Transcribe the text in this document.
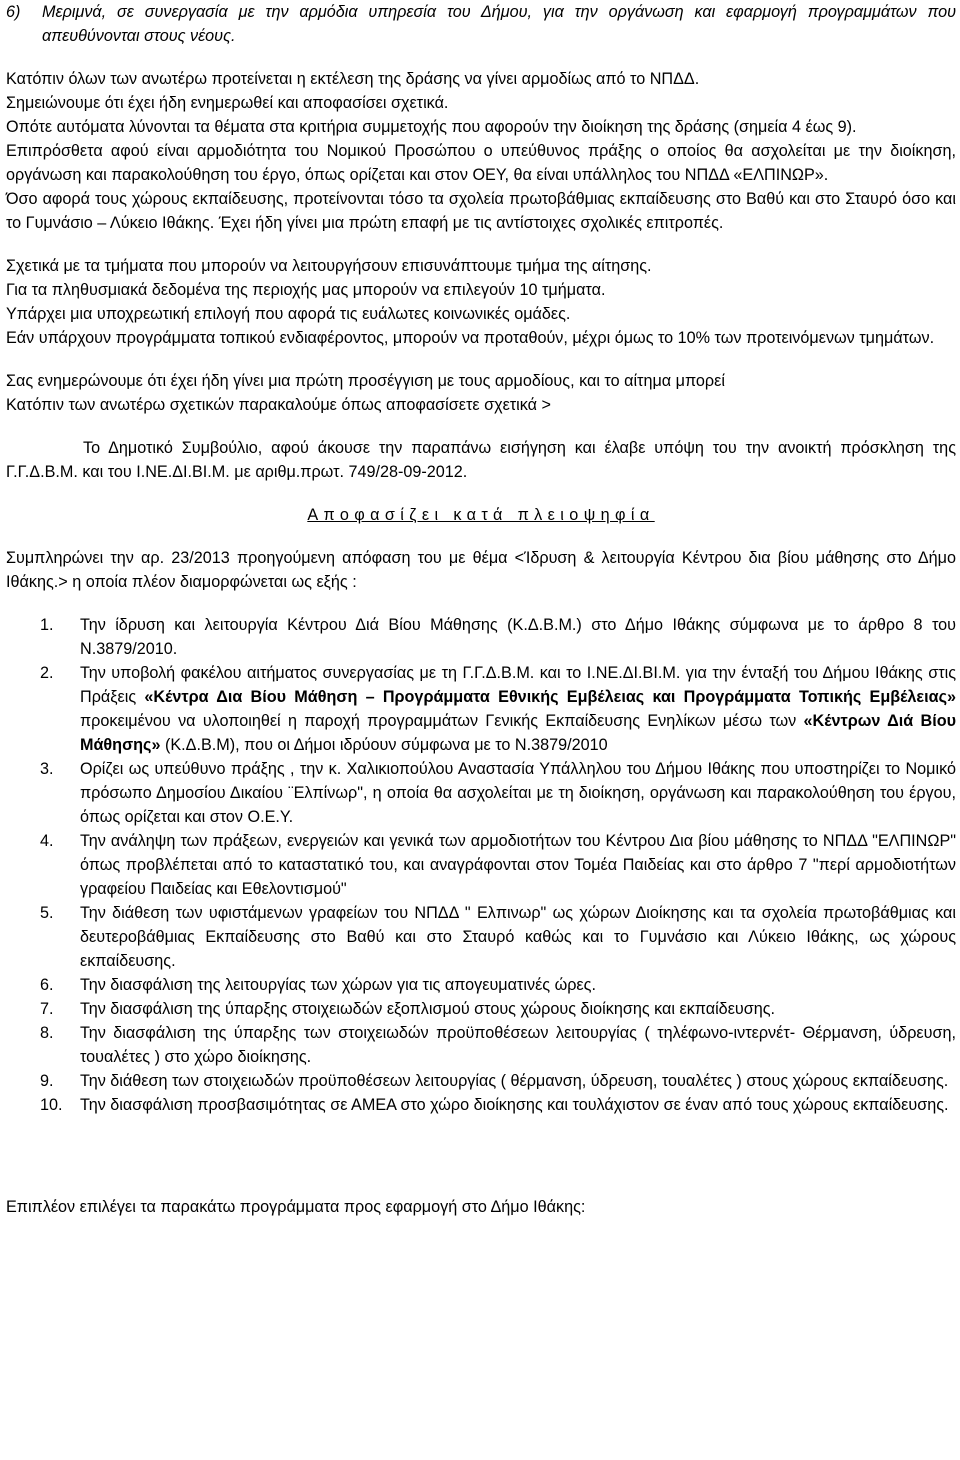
6)	Μεριμνά, σε συνεργασία με την αρμόδια υπηρεσία του Δήμου, για την οργάνωση και εφαρμογή προγραμμάτων που απευθύνονται στους νέους.

Κατόπιν όλων των ανωτέρω προτείνεται η εκτέλεση της δράσης να γίνει αρμοδίως από το ΝΠΔΔ.

Σημειώνουμε ότι έχει ήδη ενημερωθεί και αποφασίσει σχετικά.

Οπότε αυτόματα λύνονται τα θέματα στα κριτήρια συμμετοχής που αφορούν την διοίκηση της δράσης (σημεία 4 έως 9).

Επιπρόσθετα αφού είναι αρμοδιότητα του Νομικού Προσώπου ο υπεύθυνος πράξης ο οποίος θα ασχολείται με την διοίκηση, οργάνωση και παρακολούθηση του έργο, όπως ορίζεται και στον ΟΕΥ, θα είναι υπάλληλος του ΝΠΔΔ «ΕΛΠΙΝΩΡ».

Όσο αφορά τους χώρους εκπαίδευσης, προτείνονται τόσο τα σχολεία πρωτοβάθμιας εκπαίδευσης στο Βαθύ και στο Σταυρό όσο και το Γυμνάσιο – Λύκειο Ιθάκης. Έχει ήδη γίνει μια πρώτη επαφή με τις αντίστοιχες σχολικές επιτροπές.

Σχετικά με τα τμήματα που μπορούν να λειτουργήσουν επισυνάπτουμε τμήμα της αίτησης.

Για τα πληθυσμιακά δεδομένα της περιοχής μας μπορούν να επιλεγούν 10 τμήματα.

Υπάρχει μια υποχρεωτική επιλογή που αφορά τις ευάλωτες κοινωνικές ομάδες.

Εάν υπάρχουν προγράμματα τοπικού ενδιαφέροντος, μπορούν να προταθούν, μέχρι όμως το 10% των προτεινόμενων τμημάτων.

Σας ενημερώνουμε ότι έχει ήδη γίνει μια πρώτη προσέγγιση με τους αρμοδίους, και το αίτημα μπορεί

Κατόπιν των ανωτέρω σχετικών παρακαλούμε όπως αποφασίσετε σχετικά >

Το Δημοτικό Συμβούλιο, αφού άκουσε την παραπάνω εισήγηση και έλαβε υπόψη του την ανοικτή πρόσκληση της Γ.Γ.Δ.Β.Μ. και του Ι.ΝΕ.ΔΙ.ΒΙ.Μ. με αριθμ.πρωτ. 749/28-09-2012.

Αποφασίζει κατά πλειοψηφία

Συμπληρώνει την αρ. 23/2013 προηγούμενη απόφαση του με θέμα <Ίδρυση & λειτουργία Κέντρου δια βίου μάθησης στο Δήμο Ιθάκης.> η οποία πλέον διαμορφώνεται ως εξής :

1.	Την ίδρυση και λειτουργία Κέντρου Διά Βίου Μάθησης (Κ.Δ.Β.Μ.) στο Δήμο Ιθάκης σύμφωνα με το άρθρο 8 του Ν.3879/2010.
2.	Την υποβολή φακέλου αιτήματος συνεργασίας με τη Γ.Γ.Δ.Β.Μ. και το Ι.ΝΕ.ΔΙ.ΒΙ.Μ. για την ένταξή του Δήμου Ιθάκης στις Πράξεις «Κέντρα Δια Βίου Μάθηση – Προγράμματα Εθνικής Εμβέλειας και Προγράμματα Τοπικής Εμβέλειας» προκειμένου να υλοποιηθεί η παροχή προγραμμάτων Γενικής Εκπαίδευσης Ενηλίκων μέσω των «Κέντρων Διά Βίου Μάθησης» (Κ.Δ.Β.Μ), που οι Δήμοι ιδρύουν σύμφωνα με το Ν.3879/2010
3.	Ορίζει ως υπεύθυνο πράξης , την κ. Χαλικιοπούλου Αναστασία Υπάλληλου του Δήμου Ιθάκης που υποστηρίζει το Νομικό πρόσωπο Δημοσίου Δικαίου ¨Ελπίνωρ", η οποία θα ασχολείται με τη διοίκηση, οργάνωση και παρακολούθηση του έργου, όπως ορίζεται και στον Ο.Ε.Υ.
4.	Την ανάληψη των πράξεων, ενεργειών και γενικά των αρμοδιοτήτων του Κέντρου Δια βίου μάθησης το ΝΠΔΔ "ΕΛΠΙΝΩΡ" όπως προβλέπεται από το καταστατικό του, και αναγράφονται στον Τομέα Παιδείας και στο άρθρο 7 "περί αρμοδιοτήτων γραφείου Παιδείας και Εθελοντισμού"
5.	Την διάθεση των υφιστάμενων γραφείων του ΝΠΔΔ " Ελπινωρ" ως χώρων Διοίκησης και τα σχολεία πρωτοβάθμιας και δευτεροβάθμιας Εκπαίδευσης στο Βαθύ και στο Σταυρό καθώς και το Γυμνάσιο και Λύκειο Ιθάκης, ως χώρους εκπαίδευσης.
6.	Την διασφάλιση της λειτουργίας των χώρων για τις απογευματινές ώρες.
7.	Την διασφάλιση της ύπαρξης στοιχειωδών εξοπλισμού στους χώρους διοίκησης και εκπαίδευσης.
8.	Την διασφάλιση της ύπαρξης των στοιχειωδών προϋποθέσεων λειτουργίας ( τηλέφωνο-ιντερνέτ- Θέρμανση, ύδρευση, τουαλέτες ) στο χώρο διοίκησης.
9.	Την διάθεση των στοιχειωδών προϋποθέσεων λειτουργίας ( θέρμανση, ύδρευση, τουαλέτες ) στους χώρους εκπαίδευσης.
10.	Την διασφάλιση προσβασιμότητας σε ΑΜΕΑ στο χώρο διοίκησης και τουλάχιστον σε έναν από τους χώρους εκπαίδευσης.

Επιπλέον επιλέγει τα παρακάτω προγράμματα προς εφαρμογή στο Δήμο Ιθάκης:
